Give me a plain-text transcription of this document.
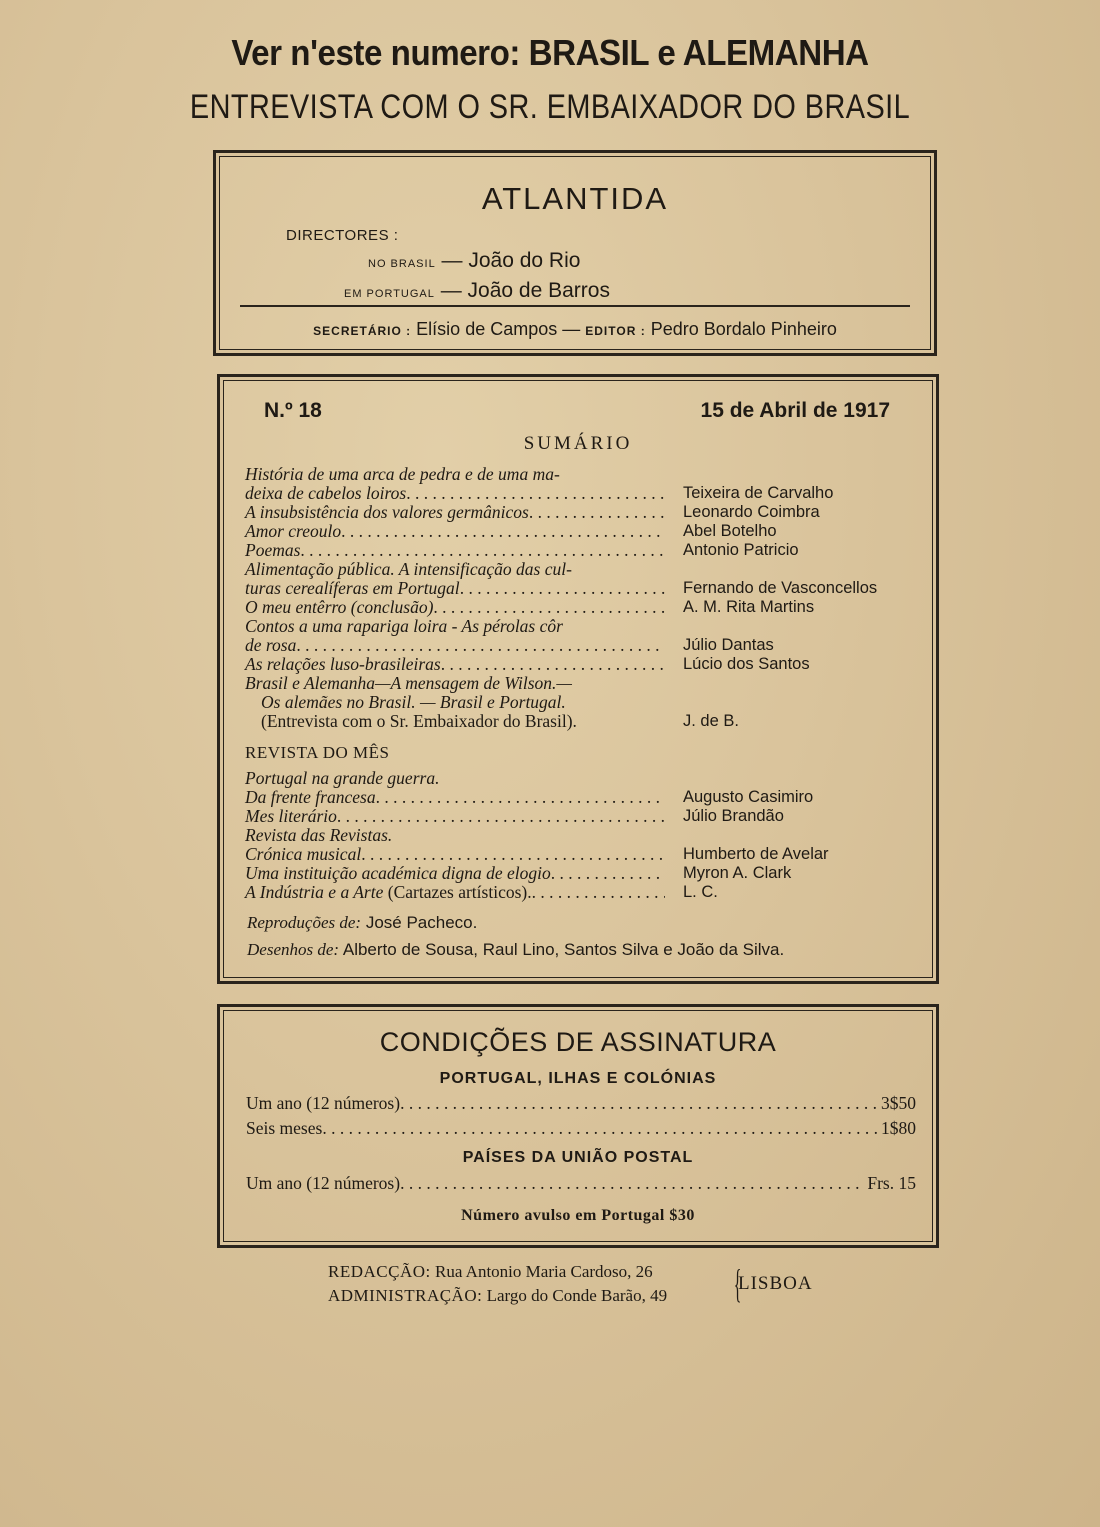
Ver n'este numero: BRASIL e ALEMANHA
ENTREVISTA COM O SR. EMBAIXADOR DO BRASIL
ATLANTIDA
DIRECTORES :
NO BRASIL — João do Rio
EM PORTUGAL — João de Barros
SECRETÁRIO : Elísio de Campos — EDITOR : Pedro Bordalo Pinheiro
N.º 18	15 de Abril de 1917
SUMÁRIO
História de uma arca de pedra e de uma ma-
deixa de cabelos loiros . . .	Teixeira de Carvalho
A insubsistência dos valores germânicos . . .	Leonardo Coimbra
Amor creoulo . . .	Abel Botelho
Poemas . . .	Antonio Patricio
Alimentação pública. A intensificação das cul-
turas cerealíferas em Portugal . . .	Fernando de Vasconcellos
O meu entêrro (conclusão) . . .	A. M. Rita Martins
Contos a uma rapariga loira - As pérolas côr
de rosa . . .	Júlio Dantas
As relações luso-brasileiras . . .	Lúcio dos Santos
Brasil e Alemanha—A mensagem de Wilson.—
Os alemães no Brasil. — Brasil e Portugal.
(Entrevista com o Sr. Embaixador do Brasil).	J. de B.
REVISTA DO MÊS
Portugal na grande guerra.
Da frente francesa . . .	Augusto Casimiro
Mes literário . . .	Júlio Brandão
Revista das Revistas.
Crónica musical . . .	Humberto de Avelar
Uma instituição académica digna de elogio . . .	Myron A. Clark
A Indústria e a Arte (Cartazes artísticos). . . .	L. C.
Reproduções de: José Pacheco.
Desenhos de: Alberto de Sousa, Raul Lino, Santos Silva e João da Silva.
CONDIÇÕES DE ASSINATURA
PORTUGAL, ILHAS E COLÓNIAS
Um ano (12 números) . . .	3$50
Seis meses . . .	1$80
PAÍSES DA UNIÃO POSTAL
Um ano (12 números) . . .	Frs. 15
Número avulso em Portugal $30
REDACÇÃO: Rua Antonio Maria Cardoso, 26
ADMINISTRAÇÃO: Largo do Conde Barão, 49 {
LISBOA
